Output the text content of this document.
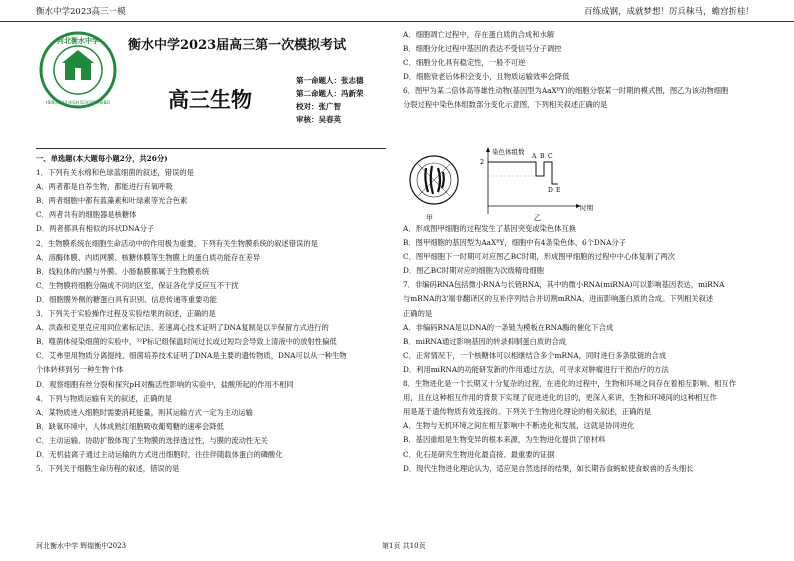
衡水中学2023高三一模	百练成钢，成就梦想！厉兵秣马，蟾宫折桂！
河北衡水中学
HENGSHUI HIGH SCHOOL HEBEI
衡水中学2023届高三第一次模拟考试
高三生物
第一命题人：张志德
第二命题人：冯新荣
校对：张广智
审核：吴春英
一、单选题(本大题每小题2分，共26分)
1．下列有关水绵和色球蓝细菌的叙述，错误的是
A．两者都是自养生物，都能进行有氧呼吸
B．两者细胞中都有蓝藻素和叶绿素等光合色素
C．两者共有的细胞器是核糖体
D．两者都具有相似的环状DNA分子
2．生物膜系统在细胞生命活动中的作用极为重要，下列有关生物膜系统的叙述错误的是
A．溶酶体膜、内质网膜、核糖体膜等生物膜上的蛋白质功能存在差异
B．线粒体的内膜与外膜、小肠黏膜都属于生物膜系统
C．生物膜将细胞分隔成不同的区室，保证各化学反应互不干扰
D．细胞膜外侧的糖蛋白具有识别、信息传递等重要功能
3．下列关于实验操作过程及实验结果的叙述，正确的是
A．洪森和克里克应用同位素标记法、差速离心技术证明了DNA复制是以半保留方式进行的
B．噬菌体侵染细菌的实验中，³²P标记组保温时间过长或过短均会导致上清液中的放射性偏低
C．艾弗里用物质分离提纯、细菌培养技术证明了DNA是主要的遗传物质，DNA可以从一种生物
个体转移到另一种生物个体
D．观察细胞有丝分裂和探究pH对酶活性影响的实验中，盐酸所起的作用不相同
4．下列与物质运输有关的叙述，正确的是
A．某物质进入细胞时需要消耗能量，则其运输方式一定为主动运输
B．缺氧环境中，人体成熟红细胞吸收葡萄糖的速率会降低
C．主动运输、协助扩散体现了生物膜的选择透过性，与膜的流动性无关
D．无机盐离子通过主动运输的方式进出细胞时，往往伴随载体蛋白的磷酸化
5．下列关于细胞生命历程的叙述，错误的是
A．细胞凋亡过程中，存在蛋白质的合成和水解
B．细胞分化过程中基因的表达不受信号分子调控
C．细胞分化具有稳定性，一般不可逆
D．细胞衰老后体积会变小，且物质运输效率会降低
6．图甲为某二倍体高等雄性动物(基因型为AaXᴮY)的细胞分裂某一时期的模式图，图乙为该动物细胞
分裂过程中染色体组数部分变化示意图，下列相关叙述正确的是
甲
染色体组数
时期
2
A B C
D E
乙
A．形成图甲细胞的过程发生了基因突变或染色体互换
B．图甲细胞的基因型为AaXᴮY，细胞中有4条染色体、6个DNA分子
C．图甲细胞下一时期可对应图乙BC时期，形成图甲细胞的过程中中心体复制了两次
D．图乙BC时期对应的细胞为次级精母细胞
7．非编码RNA包括微小RNA与长链RNA，其中的微小RNA(miRNA)可以影响基因表达，miRNA
与mRNA的3'端非翻译区的互补序列结合并切割mRNA，进而影响蛋白质的合成。下列相关叙述
正确的是
A．非编码RNA是以DNA的一条链为模板在RNA酶的催化下合成
B．miRNA通过影响基因的转录抑制蛋白质的合成
C．正常情况下，一个核糖体可以相继结合多个mRNA，同时进行多条肽链的合成
D．利用miRNA的功能研发新的作用通过方法，可寻求对肿瘤进行干预治疗的方法
8．生物进化是一个长期又十分复杂的过程，在进化的过程中，生物和环境之间存在着相互影响、相互作
用，且在这种相互作用的背景下实现了促进进化的目的，更深入来讲，生物和环境间的这种相互作
用是基于遗传物质有效连接的。下列关于生物进化理论的相关叙述，正确的是
A．生物与无机环境之间在相互影响中不断进化和发展，这就是协同进化
B．基因重组是生物变异的根本来源，为生物进化提供了原材料
C．化石是研究生物进化最直接、最重要的证据
D．现代生物进化理论认为，适应是自然选择的结果，如长期吞食蚂蚁使食蚁兽的舌头细长
河北衡水中学 辉煌衡中2023	第1页 共10页
